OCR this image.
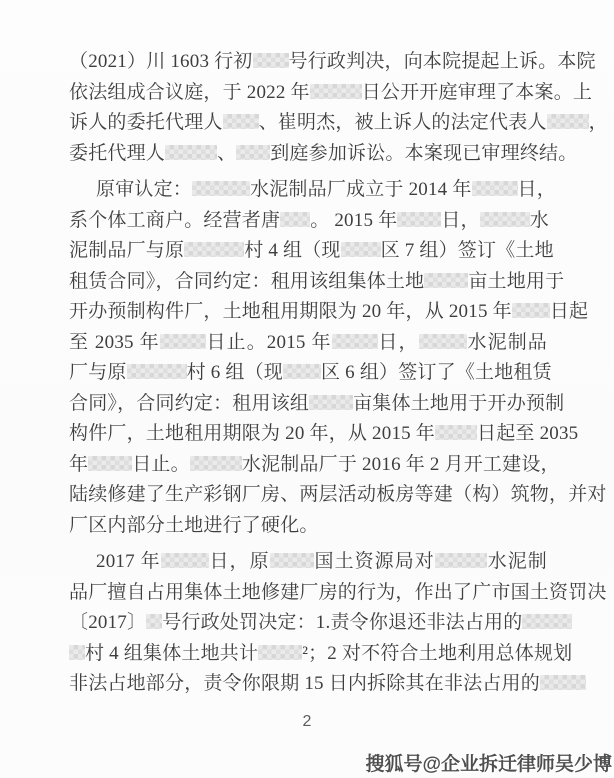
（2021）川 1603 行初 号行政判决，向本院提起上诉。本院
依法组成合议庭，于 2022 年	日公开开庭审理了本案。上
诉人的委托代理人 、崔明杰，被上诉人的法定代表人 ，
委托代理人	、 到庭参加诉讼。本案现已审理终结。
原审认定：	水泥制品厂成立于 2014 年 日，
系个体工商户。经营者唐 。 2015 年 日，	水
泥制品厂与原	村 4 组（现 区 7 组）签订《土地
租赁合同》，合同约定：租用该组集体土地 亩土地用于
开办预制构件厂，土地租用期限为 20 年，从 2015 年 日起
至 2035 年 日止。2015 年 日，	水泥制品
厂与原	村 6 组（现 区 6 组）签订了《土地租赁
合同》，合同约定：租用该组 亩集体土地用于开办预制
构件厂，土地租用期限为 20 年，从 2015 年 日起至 2035
年 日止。	水泥制品厂于 2016 年 2 月开工建设，
陆续修建了生产彩钢厂房、两层活动板房等建（构）筑物，并对
厂区内部分土地进行了硬化。
2017 年	日，原 国土资源局对	水泥制
品厂擅自占用集体土地修建厂房的行为，作出了广市国土资罚决
〔2017〕 号行政处罚决定：1.责令你退还非法占用的
村 4 组集体土地共计 ²；2 对不符合土地利用总体规划
非法占地部分，责令你限期 15 日内拆除其在非法占用的
2
搜狐号@企业拆迁律师吴少博
